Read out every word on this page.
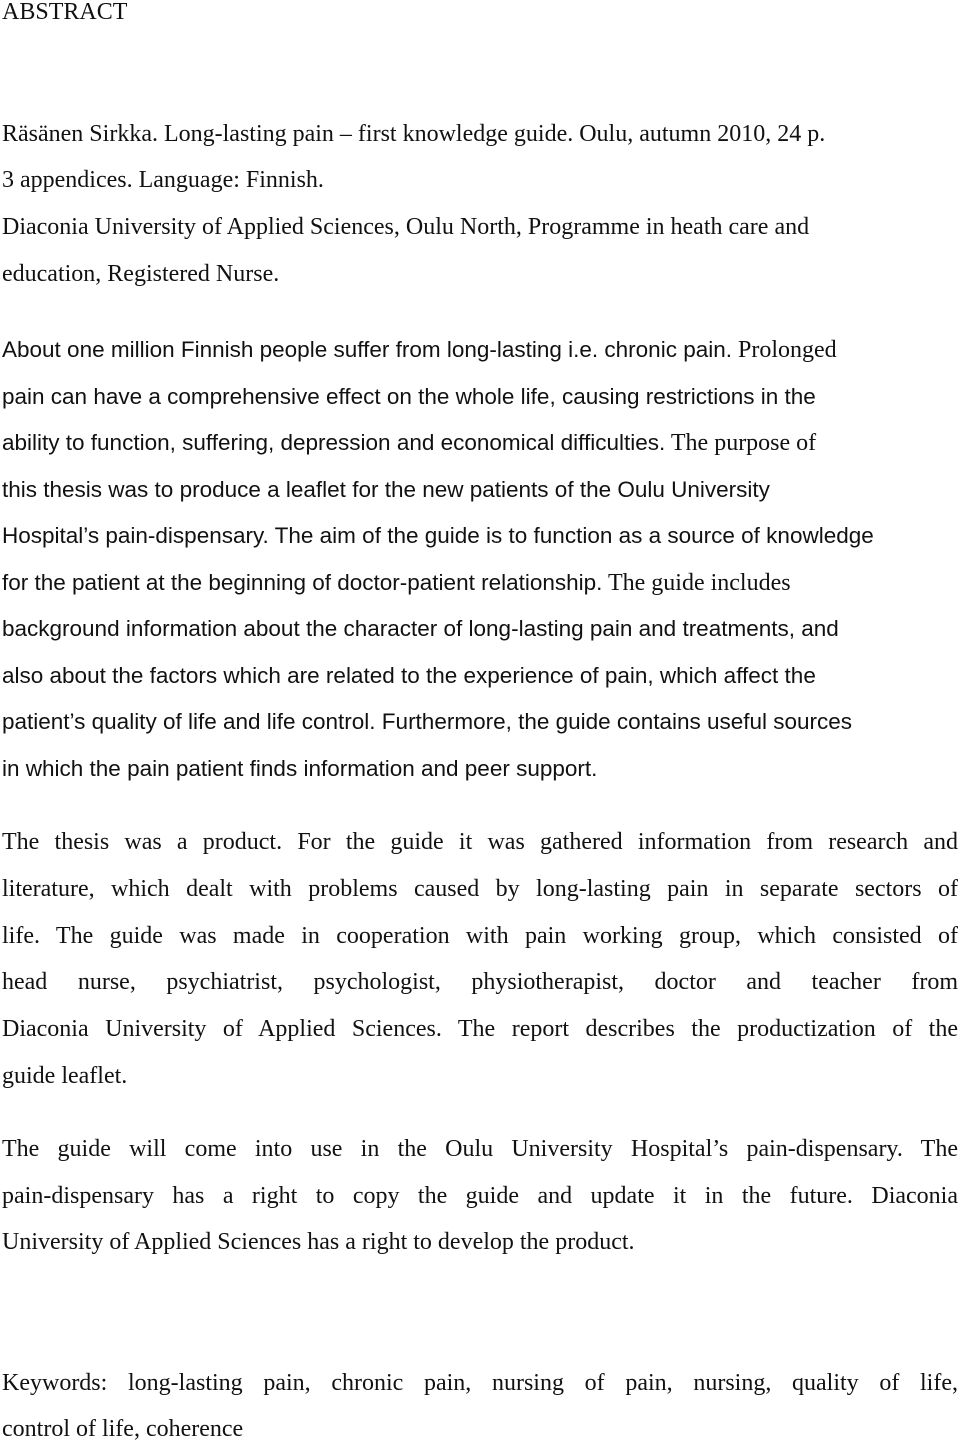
ABSTRACT
Räsänen Sirkka. Long-lasting pain – first knowledge guide. Oulu, autumn 2010, 24 p.
3 appendices. Language: Finnish.
Diaconia University of Applied Sciences, Oulu North, Programme in heath care and
education, Registered Nurse.
About one million Finnish people suffer from long-lasting i.e. chronic pain. Prolonged
pain can have a comprehensive effect on the whole life, causing restrictions in the
ability to function, suffering, depression and economical difficulties. The purpose of
this thesis was to produce a leaflet for the new patients of the Oulu University
Hospital’s pain-dispensary. The aim of the guide is to function as a source of knowledge
for the patient at the beginning of doctor-patient relationship. The guide includes
background information about the character of long-lasting pain and treatments, and
also about the factors which are related to the experience of pain, which affect the
patient’s quality of life and life control. Furthermore, the guide contains useful sources
in which the pain patient finds information and peer support.
The thesis was a product. For the guide it was gathered information from research and
literature, which dealt with problems caused by long-lasting pain in separate sectors of
life. The guide was made in cooperation with pain working group, which consisted of
head nurse, psychiatrist, psychologist, physiotherapist, doctor and teacher from
Diaconia University of Applied Sciences. The report describes the productization of the
guide leaflet.
The guide will come into use in the Oulu University Hospital’s pain-dispensary. The
pain-dispensary has a right to copy the guide and update it in the future. Diaconia
University of Applied Sciences has a right to develop the product.
Keywords: long-lasting pain, chronic pain, nursing of pain, nursing, quality of life,
control of life, coherence
